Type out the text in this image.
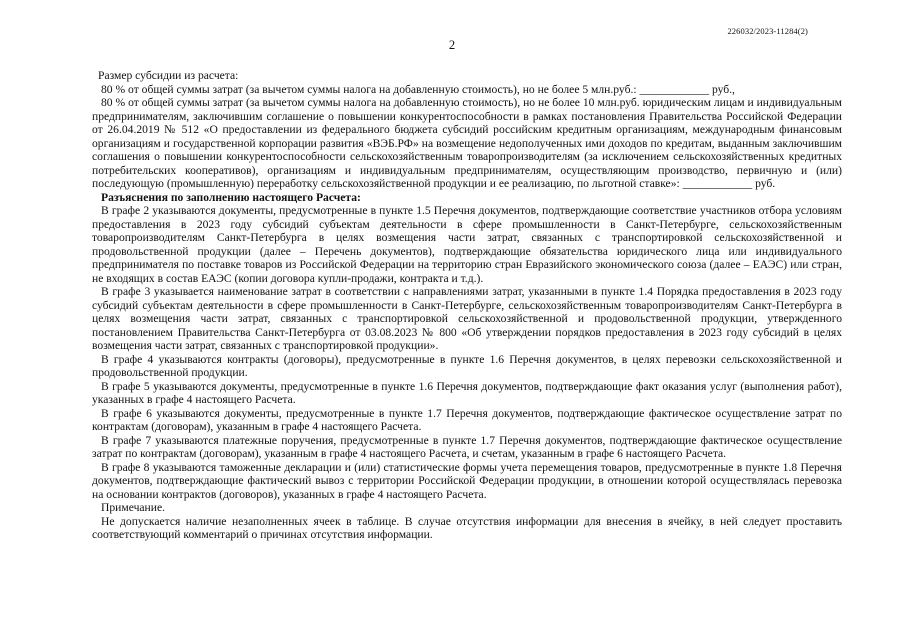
226032/2023-11284(2)
2

Размер субсидии из расчета:

80 % от общей суммы затрат (за вычетом суммы налога на добавленную стоимость), но не более 5 млн.руб.: ____________ руб.,

80 % от общей суммы затрат (за вычетом суммы налога на добавленную стоимость), но не более 10 млн.руб. юридическим лицам и индивидуальным предпринимателям, заключившим соглашение о повышении конкурентоспособности в рамках постановления Правительства Российской Федерации от 26.04.2019 № 512 «О предоставлении из федерального бюджета субсидий российским кредитным организациям, международным финансовым организациям и государственной корпорации развития «ВЭБ.РФ» на возмещение недополученных ими доходов по кредитам, выданным заключившим соглашения о повышении конкурентоспособности сельскохозяйственным товаропроизводителям (за исключением сельскохозяйственных кредитных потребительских кооперативов), организациям и индивидуальным предпринимателям, осуществляющим производство, первичную и (или) последующую (промышленную) переработку сельскохозяйственной продукции и ее реализацию, по льготной ставке»: ____________ руб.

Разъяснения по заполнению настоящего Расчета:

В графе 2 указываются документы, предусмотренные в пункте 1.5 Перечня документов, подтверждающие соответствие участников отбора условиям предоставления в 2023 году субсидий субъектам деятельности в сфере промышленности в Санкт-Петербурге, сельскохозяйственным товаропроизводителям Санкт-Петербурга в целях возмещения части затрат, связанных с транспортировкой сельскохозяйственной и продовольственной продукции (далее – Перечень документов), подтверждающие обязательства юридического лица или индивидуального предпринимателя по поставке товаров из Российской Федерации на территорию стран Евразийского экономического союза (далее – ЕАЭС) или стран, не входящих в состав ЕАЭС (копии договора купли-продажи, контракта и т.д.).

В графе 3 указывается наименование затрат в соответствии с направлениями затрат, указанными в пункте 1.4 Порядка предоставления в 2023 году субсидий субъектам деятельности в сфере промышленности в Санкт-Петербурге, сельскохозяйственным товаропроизводителям Санкт-Петербурга в целях возмещения части затрат, связанных с транспортировкой сельскохозяйственной и продовольственной продукции, утвержденного постановлением Правительства Санкт-Петербурга от 03.08.2023 № 800 «Об утверждении порядков предоставления в 2023 году субсидий в целях возмещения части затрат, связанных с транспортировкой продукции».

В графе 4 указываются контракты (договоры), предусмотренные в пункте 1.6 Перечня документов, в целях перевозки сельскохозяйственной и продовольственной продукции.

В графе 5 указываются документы, предусмотренные в пункте 1.6 Перечня документов, подтверждающие факт оказания услуг (выполнения работ), указанных в графе 4 настоящего Расчета.

В графе 6 указываются документы, предусмотренные в пункте 1.7 Перечня документов, подтверждающие фактическое осуществление затрат по контрактам (договорам), указанным в графе 4 настоящего Расчета.

В графе 7 указываются платежные поручения, предусмотренные в пункте 1.7 Перечня документов, подтверждающие фактическое осуществление затрат по контрактам (договорам), указанным в графе 4 настоящего Расчета, и счетам, указанным в графе 6 настоящего Расчета.

В графе 8 указываются таможенные декларации и (или) статистические формы учета перемещения товаров, предусмотренные в пункте 1.8 Перечня документов, подтверждающие фактический вывоз с территории Российской Федерации продукции, в отношении которой осуществлялась перевозка на основании контрактов (договоров), указанных в графе 4 настоящего Расчета.

Примечание.

Не допускается наличие незаполненных ячеек в таблице. В случае отсутствия информации для внесения в ячейку, в ней следует проставить соответствующий комментарий о причинах отсутствия информации.
